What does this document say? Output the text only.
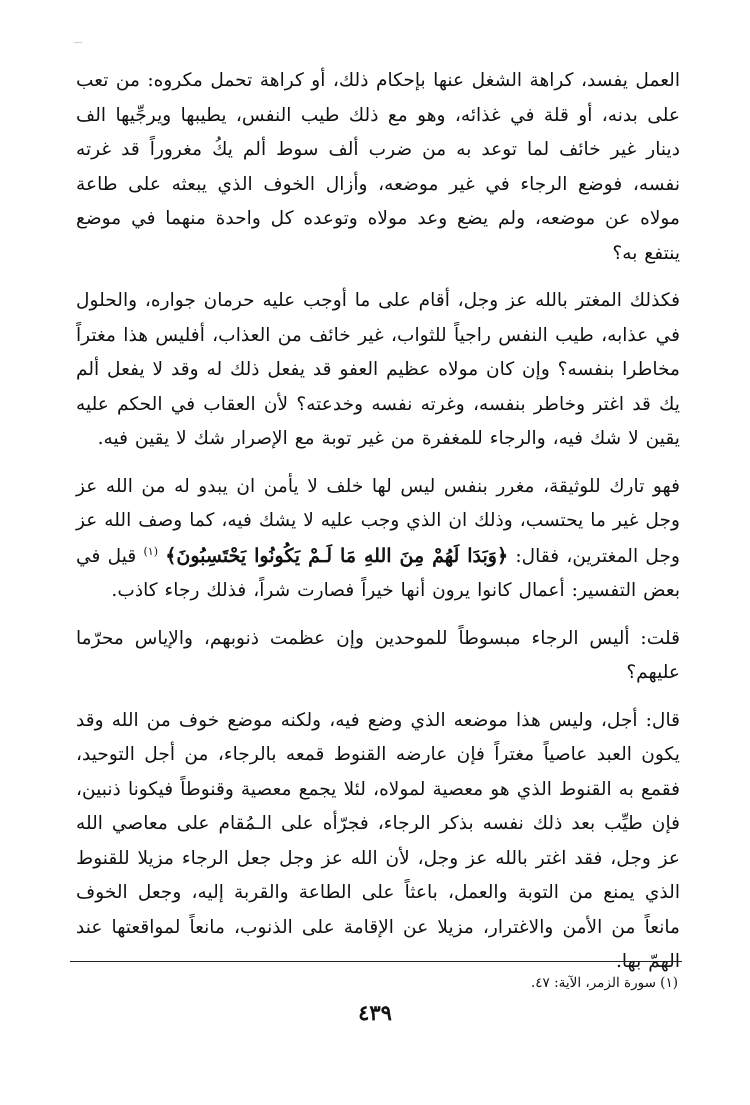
العمل يفسد، كراهة الشغل عنها بإحكام ذلك، أو كراهة تحمل مكروه: من تعب على بدنه، أو قلة في غذائه، وهو مع ذلك طيب النفس، يطيبها ويرجِّيها الف دينار غير خائف لما توعد به من ضرب ألف سوط ألم يكُ مغروراً قد غرته نفسه، فوضع الرجاء في غير موضعه، وأزال الخوف الذي يبعثه على طاعة مولاه عن موضعه، ولم يضع وعد مولاه وتوعده كل واحدة منهما في موضع ينتفع به؟

فكذلك المغتر بالله عز وجل، أقام على ما أوجب عليه حرمان جواره، والحلول في عذابه، طيب النفس راجياً للثواب، غير خائف من العذاب، أفليس هذا مغتراً مخاطرا بنفسه؟ وإن كان مولاه عظيم العفو قد يفعل ذلك له وقد لا يفعل ألم يك قد اغتر وخاطر بنفسه، وغرته نفسه وخدعته؟ لأن العقاب في الحكم عليه يقين لا شك فيه، والرجاء للمغفرة من غير توبة مع الإصرار شك لا يقين فيه.

فهو تارك للوثيقة، مغرر بنفس ليس لها خلف لا يأمن ان يبدو له من الله عز وجل غير ما يحتسب، وذلك ان الذي وجب عليه لا يشك فيه، كما وصف الله عز وجل المغترين، فقال: ﴿وَبَدَا لَهُمْ مِنَ اللهِ مَا لَـمْ يَكُونُوا يَحْتَسِبُونَ﴾ $^{(١)}$ قيل في بعض التفسير: أعمال كانوا يرون أنها خيراً فصارت شراً، فذلك رجاء كاذب.

قلت: أليس الرجاء مبسوطاً للموحدين وإن عظمت ذنوبهم، والإياس محرّما عليهم؟

قال: أجل، وليس هذا موضعه الذي وضع فيه، ولكنه موضع خوف من الله وقد يكون العبد عاصياً مغتراً فإن عارضه القنوط قمعه بالرجاء، من أجل التوحيد، فقمع به القنوط الذي هو معصية لمولاه، لئلا يجمع معصية وقنوطاً فيكونا ذنبين، فإن طيِّب بعد ذلك نفسه بذكر الرجاء، فجرّأه على الـمُقام على معاصي الله عز وجل، فقد اغتر بالله عز وجل، لأن الله عز وجل جعل الرجاء مزيلا للقنوط الذي يمنع من التوبة والعمل، باعثاً على الطاعة والقربة إليه، وجعل الخوف مانعاً من الأمن والاغترار، مزيلا عن الإقامة على الذنوب، مانعاً لمواقعتها عند الهمّ بها.

(١) سورة الزمر، الآية: ٤٧.
٤٣٩
